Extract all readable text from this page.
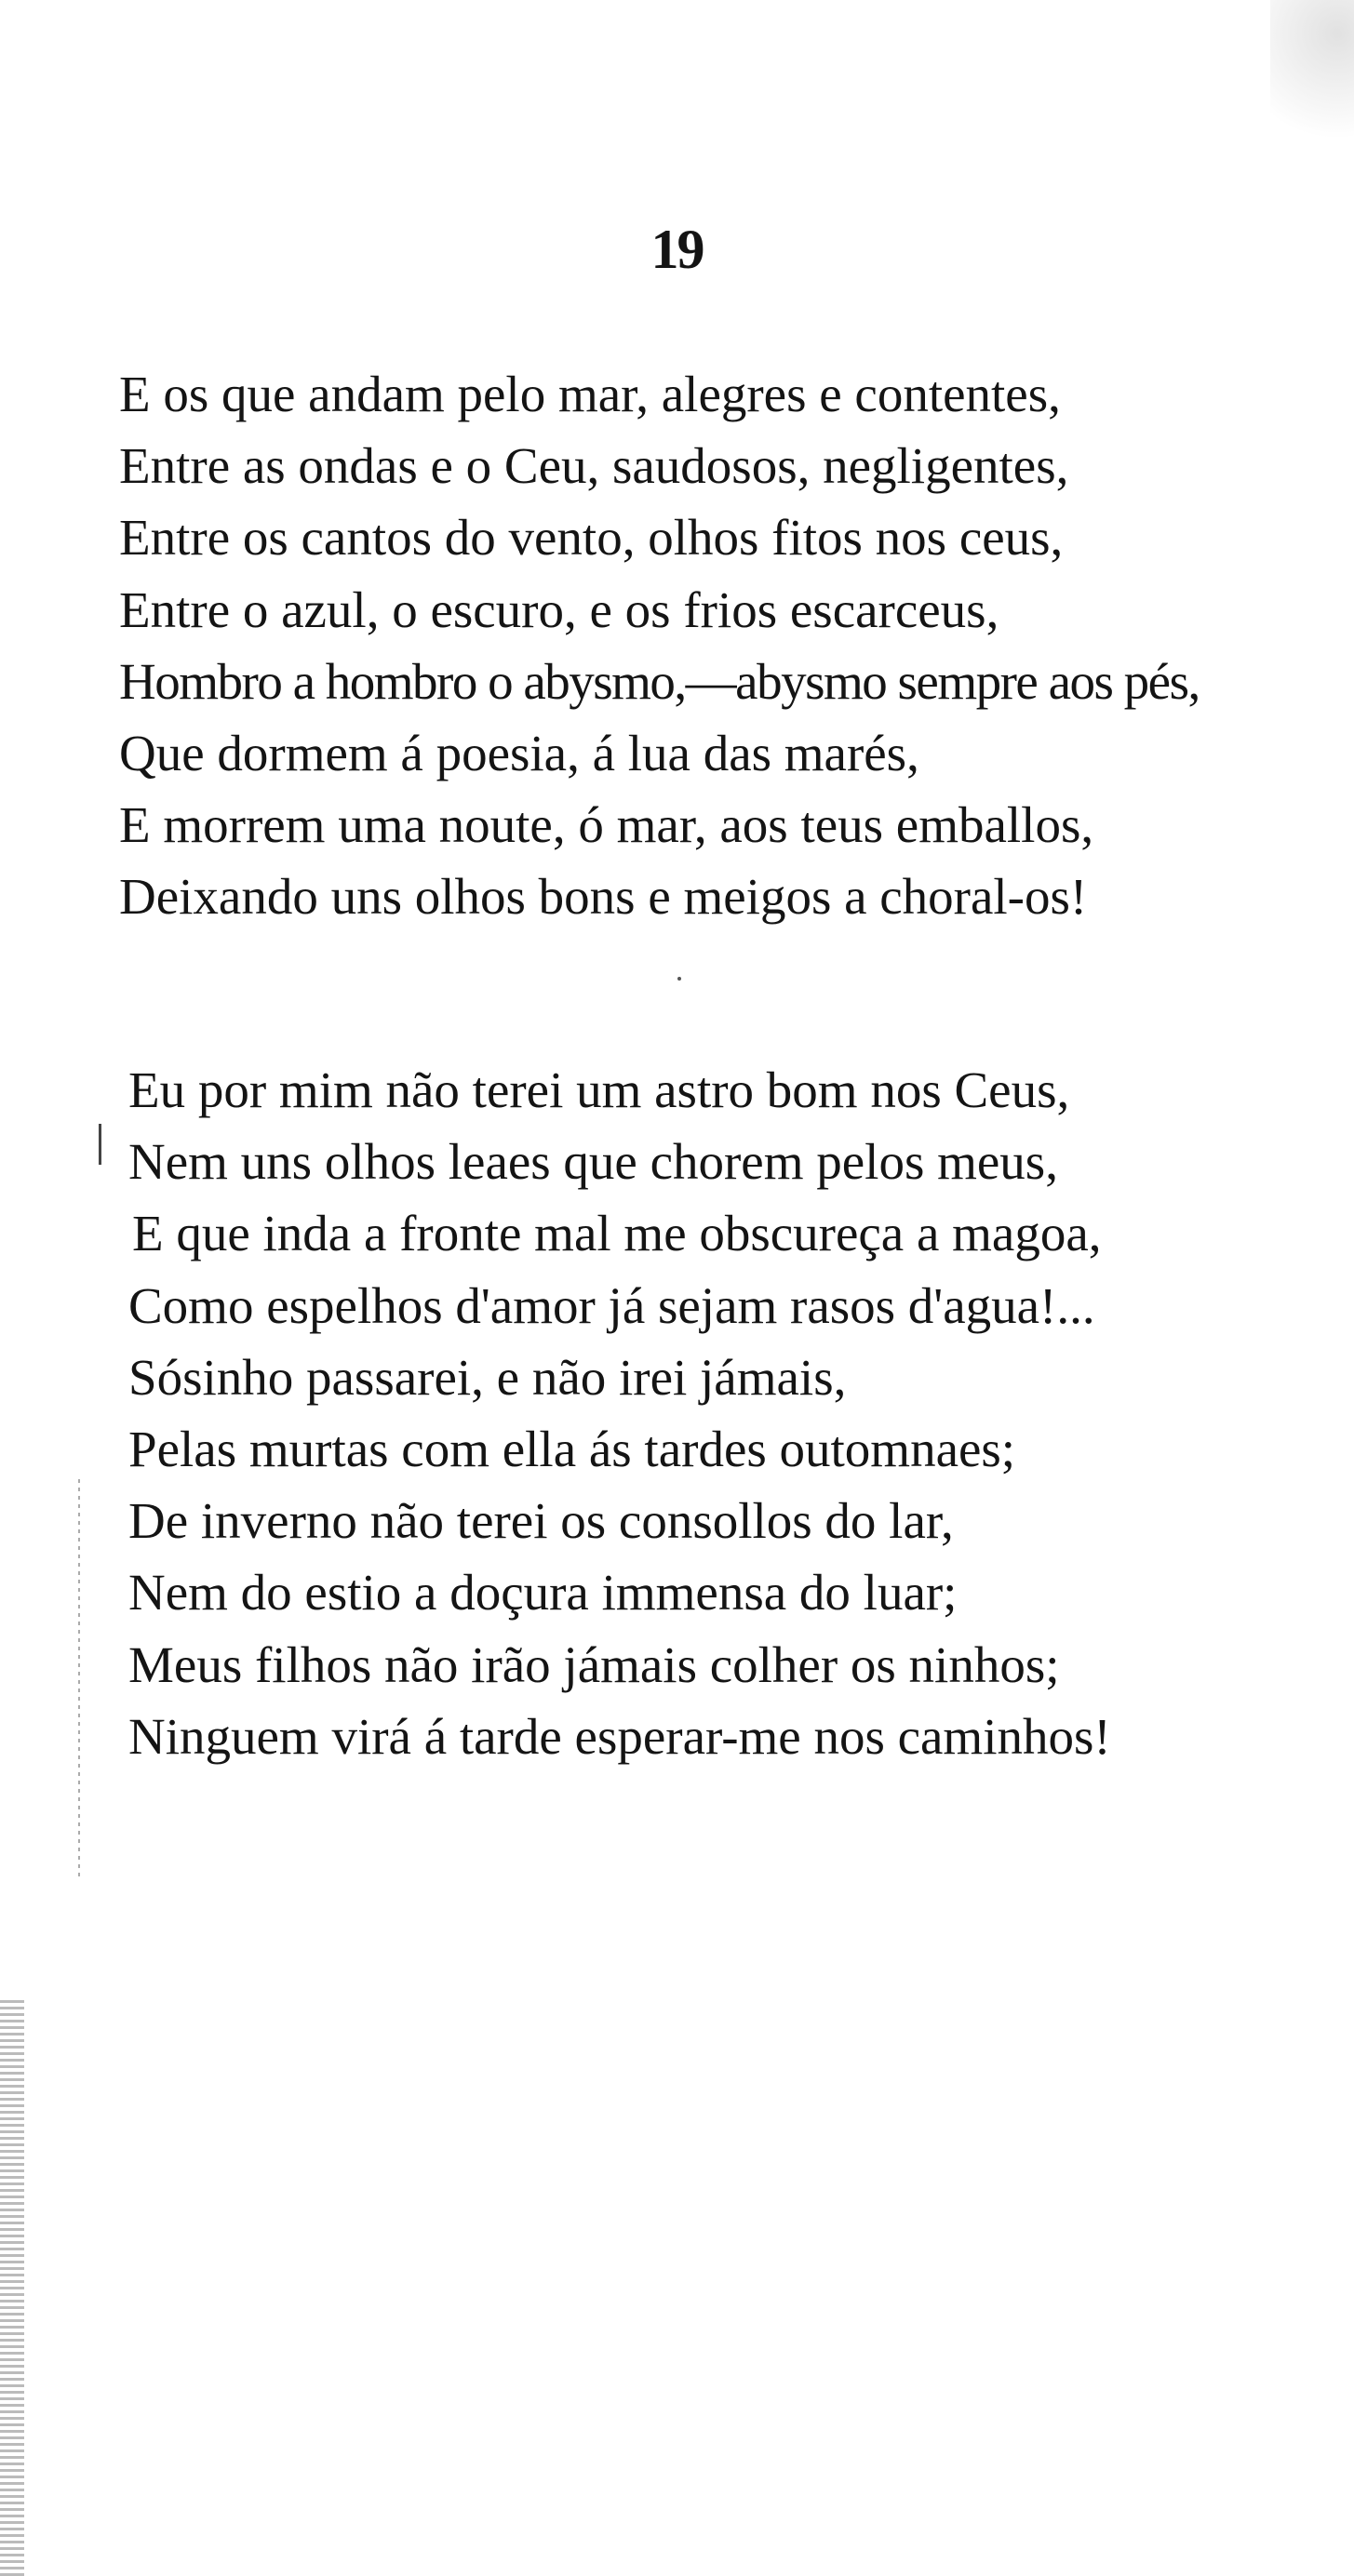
19
E os que andam pelo mar, alegres e contentes,
Entre as ondas e o Ceu, saudosos, negligentes,
Entre os cantos do vento, olhos fitos nos ceus,
Entre o azul, o escuro, e os frios escarceus,
Hombro a hombro o abysmo,—abysmo sempre aos pés,
Que dormem á poesia, á lua das marés,
E morrem uma noute, ó mar, aos teus emballos,
Deixando uns olhos bons e meigos a choral-os!
Eu por mim não terei um astro bom nos Ceus,
Nem uns olhos leaes que chorem pelos meus,
E que inda a fronte mal me obscureça a magoa,
Como espelhos d'amor já sejam rasos d'agua!...
Sósinho passarei, e não irei jámais,
Pelas murtas com ella ás tardes outomnaes;
De inverno não terei os consollos do lar,
Nem do estio a doçura immensa do luar;
Meus filhos não irão jámais colher os ninhos;
Ninguem virá á tarde esperar-me nos caminhos!
